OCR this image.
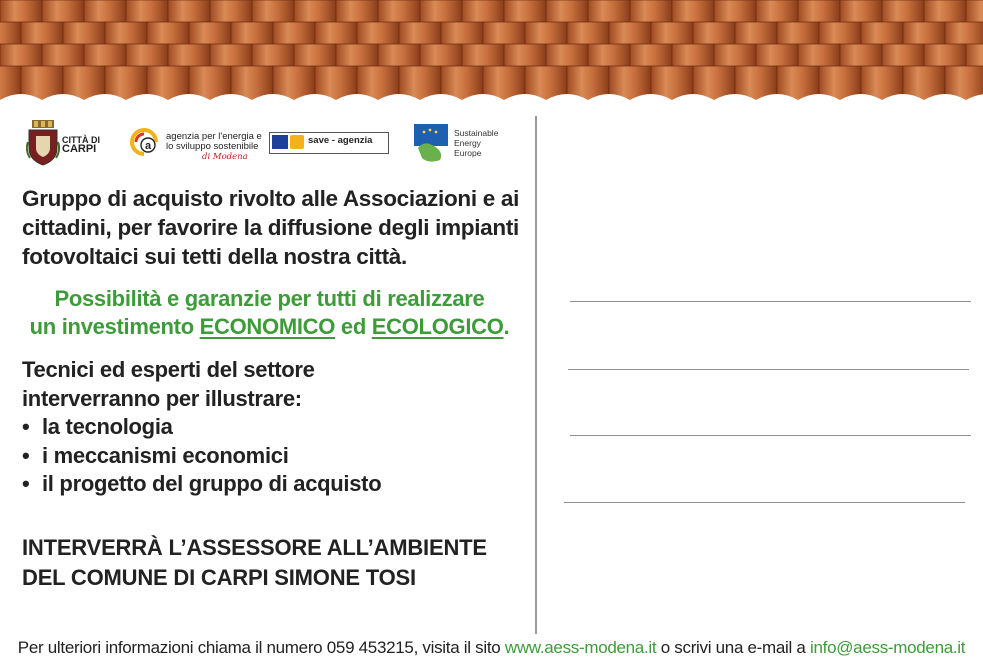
CITTÀ DI
CARPI	a
agenzia per l'energia e
lo sviluppo sostenibile
di Modena
save - agenzia
Sustainable
Energy
Europe
Gruppo di acquisto rivolto alle Associazioni e ai cittadini, per favorire la diffusione degli impianti fotovoltaici sui tetti della nostra città.
Possibilità e garanzie per tutti di realizzare
un investimento ECONOMICO ed ECOLOGICO.
Tecnici ed esperti del settore
interverranno per illustrare:
• la tecnologia
• i meccanismi economici
• il progetto del gruppo di acquisto
INTERVERRÀ L’ASSESSORE ALL’AMBIENTE
DEL COMUNE DI CARPI SIMONE TOSI
Per ulteriori informazioni chiama il numero 059 453215, visita il sito www.aess-modena.it o scrivi una e-mail a info@aess-modena.it
